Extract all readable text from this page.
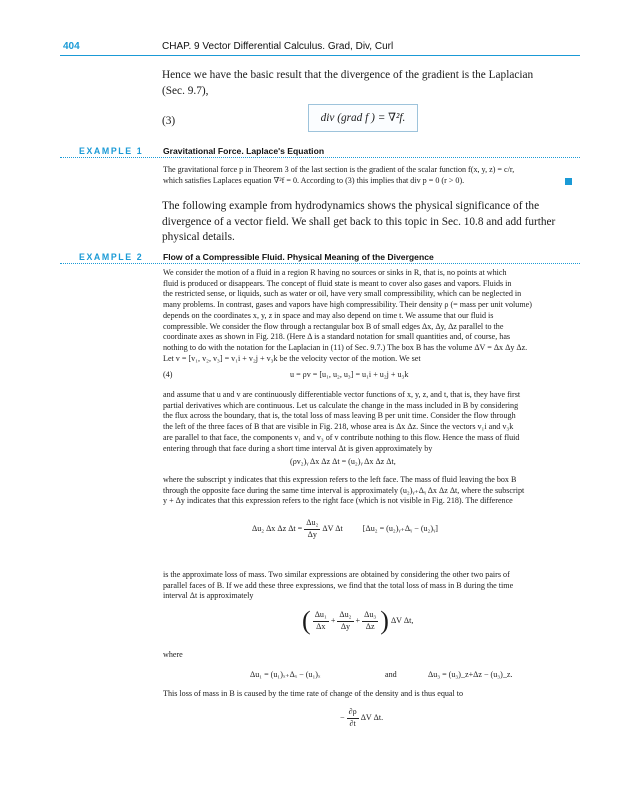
404	CHAP. 9 Vector Differential Calculus. Grad, Div, Curl
Hence we have the basic result that the divergence of the gradient is the Laplacian
(Sec. 9.7),
(3)	div (grad f ) = ∇²f.
EXAMPLE 1 Gravitational Force. Laplace's Equation
The gravitational force p in Theorem 3 of the last section is the gradient of the scalar function f(x, y, z) = c/r,
which satisfies Laplaces equation ∇²f = 0. According to (3) this implies that div p = 0 (r > 0).
The following example from hydrodynamics shows the physical significance of the
divergence of a vector field. We shall get back to this topic in Sec. 10.8 and add further
physical details.
EXAMPLE 2 Flow of a Compressible Fluid. Physical Meaning of the Divergence
We consider the motion of a fluid in a region R having no sources or sinks in R, that is, no points at which
fluid is produced or disappears. The concept of fluid state is meant to cover also gases and vapors. Fluids in
the restricted sense, or liquids, such as water or oil, have very small compressibility, which can be neglected in
many problems. In contrast, gases and vapors have high compressibility. Their density ρ (= mass per unit volume)
depends on the coordinates x, y, z in space and may also depend on time t. We assume that our fluid is
compressible. We consider the flow through a rectangular box B of small edges Δx, Δy, Δz parallel to the
coordinate axes as shown in Fig. 218. (Here Δ is a standard notation for small quantities and, of course, has
nothing to do with the notation for the Laplacian in (11) of Sec. 9.7.) The box B has the volume ΔV = Δx Δy Δz.
Let v = [v₁, v₂, v₃] = v₁i + v₂j + v₃k be the velocity vector of the motion. We set
(4)	u = ρv = [u₁, u₂, u₃] = u₁i + u₂j + u₃k
and assume that u and v are continuously differentiable vector functions of x, y, z, and t, that is, they have first
partial derivatives which are continuous. Let us calculate the change in the mass included in B by considering
the flux across the boundary, that is, the total loss of mass leaving B per unit time. Consider the flow through
the left of the three faces of B that are visible in Fig. 218, whose area is Δx Δz. Since the vectors v₁i and v₃k
are parallel to that face, the components v₁ and v₃ of v contribute nothing to this flow. Hence the mass of fluid
entering through that face during a short time interval Δt is given approximately by
(ρv₂)ᵧ Δx Δz Δt = (u₂)ᵧ Δx Δz Δt,
where the subscript y indicates that this expression refers to the left face. The mass of fluid leaving the box B
through the opposite face during the same time interval is approximately (u₂)ᵧ₊Δᵧ Δx Δz Δt, where the subscript
y + Δy indicates that this expression refers to the right face (which is not visible in Fig. 218). The difference
Δu₂ Δx Δz $\Delta t = \frac{\text{Δu₂}}{\Delta y}$ ΔV Δt [Δu₂ = (u₂)ᵧ₊Δᵧ − (u₂)ᵧ]
is the approximate loss of mass. Two similar expressions are obtained by considering the other two pairs of
parallel faces of B. If we add these three expressions, we find that the total loss of mass in B during the time
interval Δt is approximately
( $\frac{\text{Δu₁}}{\Delta x} + \frac{\text{Δu₂}}{\Delta y} + \frac{\text{Δu₃}}{\Delta z}$ ) ΔV Δt,
where
Δu₁ = (u₁)ₓ₊Δₓ − (u₁)ₓ	and	Δu₃ = (u₃)_z+Δz − (u₃)_z.
This loss of mass in B is caused by the time rate of change of the density and is thus equal to
− $\frac{\partial\rho}{\partial t}$ ΔV Δt.
